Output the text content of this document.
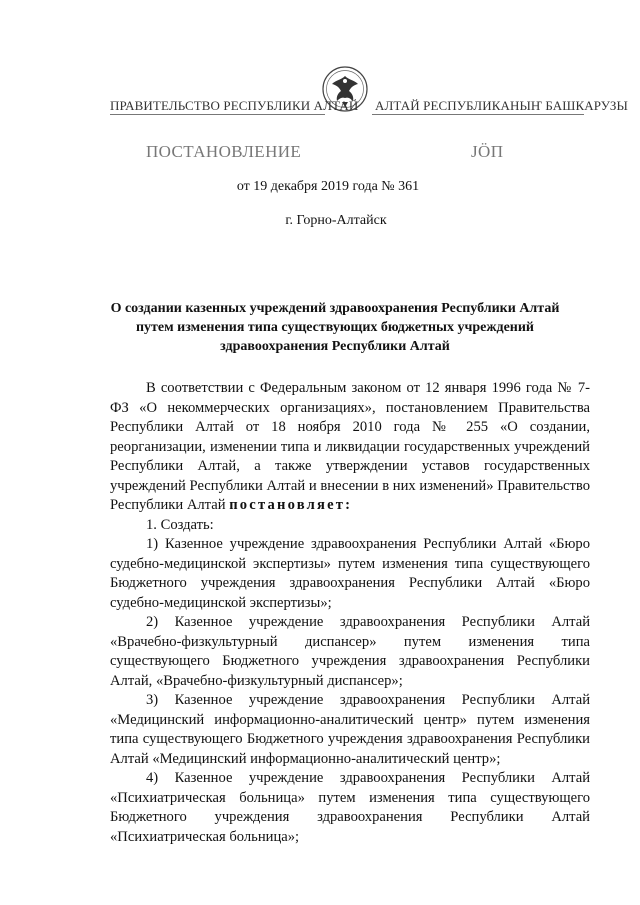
ПРАВИТЕЛЬСТВО РЕСПУБЛИКИ АЛТАЙ АЛТАЙ РЕСПУБЛИКАНЫҤ БАШКАРУЗЫ
ПОСТАНОВЛЕНИЕ	ЈӦП
от 19 декабря 2019 года № 361
г. Горно-Алтайск
О создании казенных учреждений здравоохранения Республики Алтай
путем изменения типа существующих бюджетных учреждений
здравоохранения Республики Алтай

В соответствии с Федеральным законом от 12 января 1996 года № 7-ФЗ «О некоммерческих организациях», постановлением Правительства Республики Алтай от 18 ноября 2010 года № 255 «О создании, реорганизации, изменении типа и ликвидации государственных учреждений Республики Алтай, а также утверждении уставов государственных учреждений Республики Алтай и внесении в них изменений» Правительство Республики Алтай постановляет:

1. Создать:

1) Казенное учреждение здравоохранения Республики Алтай «Бюро судебно-медицинской экспертизы» путем изменения типа существующего Бюджетного учреждения здравоохранения Республики Алтай «Бюро судебно-медицинской экспертизы»;

2) Казенное учреждение здравоохранения Республики Алтай «Врачебно-физкультурный диспансер» путем изменения типа существующего Бюджетного учреждения здравоохранения Республики Алтай, «Врачебно-физкультурный диспансер»;

3) Казенное учреждение здравоохранения Республики Алтай «Медицинский информационно-аналитический центр» путем изменения типа существующего Бюджетного учреждения здравоохранения Республики Алтай «Медицинский информационно-аналитический центр»;

4) Казенное учреждение здравоохранения Республики Алтай «Психиатрическая больница» путем изменения типа существующего Бюджетного учреждения здравоохранения Республики Алтай «Психиатрическая больница»;
